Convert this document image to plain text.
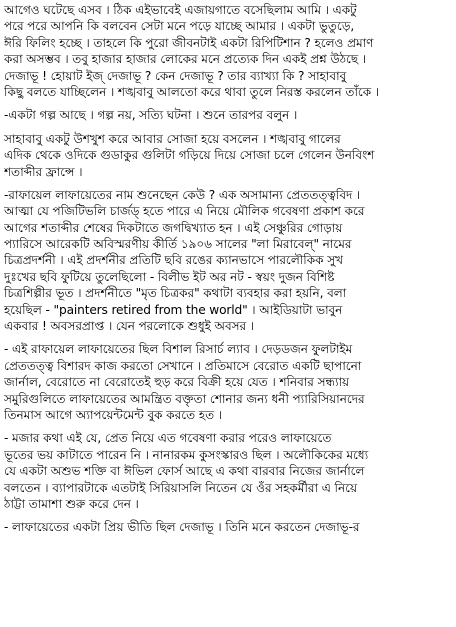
আগেও ঘটেছে এসব । ঠিক এইভাবেই এজায়গাতে বসেছিলাম আমি । একটু
পরে পরে আপনি কি বলবেন সেটা মনে পড়ে যাচ্ছে আমার । একটা ভুতুড়ে,
ঈরি ফিলিং হচ্ছে । তাহলে কি পুরো জীবনটাই একটা রিপিটিশান ? হলেও প্রমাণ
করা অসম্ভব । তবু হাজার হাজার লোকের মনে প্রত্যেক দিন একই প্রশ্ন উঠছে ।
দেজাভূ ! হোয়াট ইজ্ দেজাভূ ? কেন দেজাভূ ? তার ব্যাখ্যা কি ? সাহাবাবু
কিছু বলতে যাচ্ছিলেন । শঙ্খবাবু আলতো করে থাবা তুলে নিরস্ত করলেন তাঁকে ।
-একটা গল্প আছে । গল্প নয়, সত্যি ঘটনা । শুনে তারপর বলুন ।
সাহাবাবু একটু উশখুশ করে আবার সোজা হয়ে বসলেন । শঙ্খবাবু গালের
এদিক থেকে ওদিকে গুডাকুর গুলিটা গড়িয়ে দিয়ে সোজা চলে গেলেন উনবিংশ
শতাব্দীর ফ্রান্সে ।
-রাফায়েল লাফায়েতের নাম শুনেছেন কেউ ? এক অসামান্য প্রেততত্ত্ববিদ ।
আত্মা যে পজিটিভলি চার্জড্ হতে পারে এ নিয়ে মৌলিক গবেষণা প্রকাশ করে
আগের শতাব্দীর শেষের দিকটাতে জগদ্বিখ্যাত হন । এই সেঞ্চুরির গোড়ায়
প্যারিসে আরেকটি অবিস্মরণীয় কীর্তি ১৯০৬ সালের "লা মিরাবেল্" নামের
চিত্রপ্রদর্শনী । এই প্রদর্শনীর প্রতিটি ছবি রঙের ক্যানভাসে পারলৌকিক সুখ
দুঃখের ছবি ফুটিয়ে তুলেছিলো - বিলীভ ইট অর নট - স্বয়ং দুজন বিশিষ্ট
চিত্রশিল্পীর ভূত । প্রদর্শনীতে "মৃত চিত্রকর" কথাটা ব্যবহার করা হয়নি, বলা
হয়েছিল - "painters retired from the world" । আইডিয়াটা ভাবুন
একবার ! অবসরপ্রাপ্ত । যেন পরলোকে শুধুই অবসর ।
- এই রাফায়েল লাফায়েতের ছিল বিশাল রিসার্চ ল্যাব । দেড়ডজন ফুলটাইম
প্রেততত্ত্ব বিশারদ কাজ করতো সেখানে । প্রতিমাসে বেরোত একটি ছাপানো
জার্নাল, বেরোতে না বেরোতেই হুড় করে বিক্রী হয়ে যেত । শনিবার সন্ধ্যায়
সমুরিগুলিতে লাফায়েতের আমন্ত্রিত বক্তৃতা শোনার জন্য ধনী প্যারিসিয়ানদের
তিনমাস আগে অ্যাপয়েন্টমেন্ট বুক করতে হত ।
- মজার কথা এই যে, প্রেত নিয়ে এত গবেষণা করার পরেও লাফায়েতে
ভূতের ভয় কাটাতে পারেন নি । নানারকম কুসংস্কারও ছিল । অলৌকিকের মধ্যে
যে একটা অশুভ শক্তি বা ঈভিল ফোর্স আছে এ কথা বারবার নিজের জার্নালে
বলতেন । ব্যাপারটাকে এতটাই সিরিয়াসলি নিতেন যে ওঁর সহকর্মীরা এ নিয়ে
ঠাট্টা তামাশা শুরু করে দেন ।
- লাফায়েতের একটা প্রিয় ভীতি ছিল দেজাভূ । তিনি মনে করতেন দেজাভূ-র
